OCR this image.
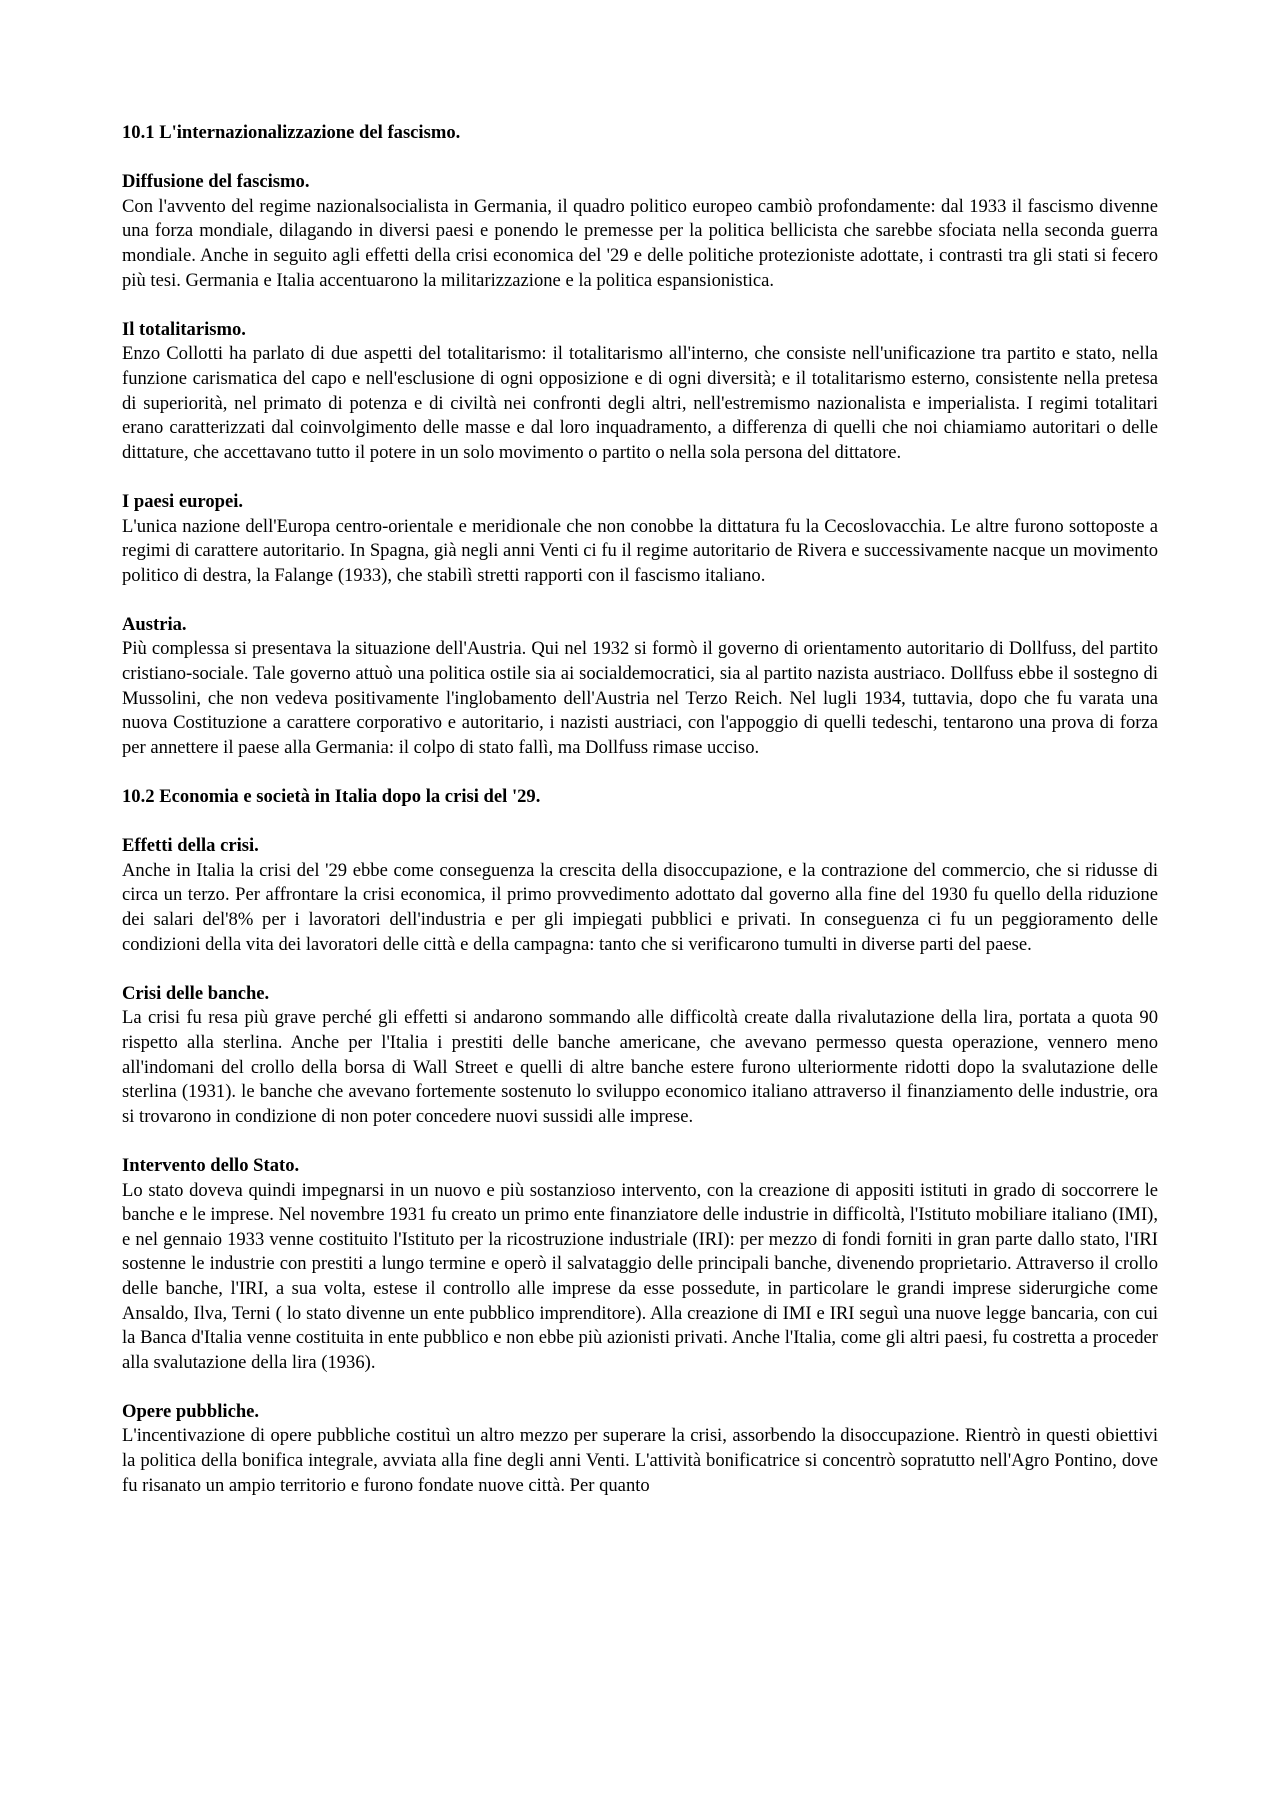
10.1 L'internazionalizzazione del fascismo.
Diffusione del fascismo.
Con l'avvento del regime nazionalsocialista in Germania, il quadro politico europeo cambiò profondamente: dal 1933 il fascismo divenne una forza mondiale, dilagando in diversi paesi e ponendo le premesse per la politica bellicista che sarebbe sfociata nella seconda guerra mondiale. Anche in seguito agli effetti della crisi economica del '29 e delle politiche protezioniste adottate, i contrasti tra gli stati si fecero più tesi. Germania e Italia accentuarono la militarizzazione e la politica espansionistica.
Il totalitarismo.
Enzo Collotti ha parlato di due aspetti del totalitarismo: il totalitarismo all'interno, che consiste nell'unificazione tra partito e stato, nella funzione carismatica del capo e nell'esclusione di ogni opposizione e di ogni diversità; e il totalitarismo esterno, consistente nella pretesa di superiorità, nel primato di potenza e di civiltà nei confronti degli altri, nell'estremismo nazionalista e imperialista. I regimi totalitari erano caratterizzati dal coinvolgimento delle masse e dal loro inquadramento, a differenza di quelli che noi chiamiamo autoritari o delle dittature, che accettavano tutto il potere in un solo movimento o partito o nella sola persona del dittatore.
I paesi europei.
L'unica nazione dell'Europa centro-orientale e meridionale che non conobbe la dittatura fu la Cecoslovacchia. Le altre furono sottoposte a regimi di carattere autoritario. In Spagna, già negli anni Venti ci fu il regime autoritario de Rivera e successivamente nacque un movimento politico di destra, la Falange (1933), che stabilì stretti rapporti con il fascismo italiano.
Austria.
Più complessa si presentava la situazione dell'Austria. Qui nel 1932 si formò il governo di orientamento autoritario di Dollfuss, del partito cristiano-sociale. Tale governo attuò una politica ostile sia ai socialdemocratici, sia al partito nazista austriaco. Dollfuss ebbe il sostegno di Mussolini, che non vedeva positivamente l'inglobamento dell'Austria nel Terzo Reich. Nel lugli 1934, tuttavia, dopo che fu varata una nuova Costituzione a carattere corporativo e autoritario, i nazisti austriaci, con l'appoggio di quelli tedeschi, tentarono una prova di forza per annettere il paese alla Germania: il colpo di stato fallì, ma Dollfuss rimase ucciso.
10.2 Economia e società in Italia dopo la crisi del '29.
Effetti della crisi.
Anche in Italia la crisi del '29 ebbe come conseguenza la crescita della disoccupazione, e la contrazione del commercio, che si ridusse di circa un terzo. Per affrontare la crisi economica, il primo provvedimento adottato dal governo alla fine del 1930 fu quello della riduzione dei salari del'8% per i lavoratori dell'industria e per gli impiegati pubblici e privati. In conseguenza ci fu un peggioramento delle condizioni della vita dei lavoratori delle città e della campagna: tanto che si verificarono tumulti in diverse parti del paese.
Crisi delle banche.
La crisi fu resa più grave perché gli effetti si andarono sommando alle difficoltà create dalla rivalutazione della lira, portata a quota 90 rispetto alla sterlina. Anche per l'Italia i prestiti delle banche americane, che avevano permesso questa operazione, vennero meno all'indomani del crollo della borsa di Wall Street e quelli di altre banche estere furono ulteriormente ridotti dopo la svalutazione delle sterlina (1931). le banche che avevano fortemente sostenuto lo sviluppo economico italiano attraverso il finanziamento delle industrie, ora si trovarono in condizione di non poter concedere nuovi sussidi alle imprese.
Intervento dello Stato.
Lo stato doveva quindi impegnarsi in un nuovo e più sostanzioso intervento, con la creazione di appositi istituti in grado di soccorrere le banche e le imprese. Nel novembre 1931 fu creato un primo ente finanziatore delle industrie in difficoltà, l'Istituto mobiliare italiano (IMI), e nel gennaio 1933 venne costituito l'Istituto per la ricostruzione industriale (IRI): per mezzo di fondi forniti in gran parte dallo stato, l'IRI sostenne le industrie con prestiti a lungo termine e operò il salvataggio delle principali banche, divenendo proprietario. Attraverso il crollo delle banche, l'IRI, a sua volta, estese il controllo alle imprese da esse possedute, in particolare le grandi imprese siderurgiche come Ansaldo, Ilva, Terni ( lo stato divenne un ente pubblico imprenditore). Alla creazione di IMI e IRI seguì una nuove legge bancaria, con cui la Banca d'Italia venne costituita in ente pubblico e non ebbe più azionisti privati. Anche l'Italia, come gli altri paesi, fu costretta a proceder alla svalutazione della lira (1936).
Opere pubbliche.
L'incentivazione di opere pubbliche costituì un altro mezzo per superare la crisi, assorbendo la disoccupazione. Rientrò in questi obiettivi la politica della bonifica integrale, avviata alla fine degli anni Venti. L'attività bonificatrice si concentrò sopratutto nell'Agro Pontino, dove fu risanato un ampio territorio e furono fondate nuove città. Per quanto
